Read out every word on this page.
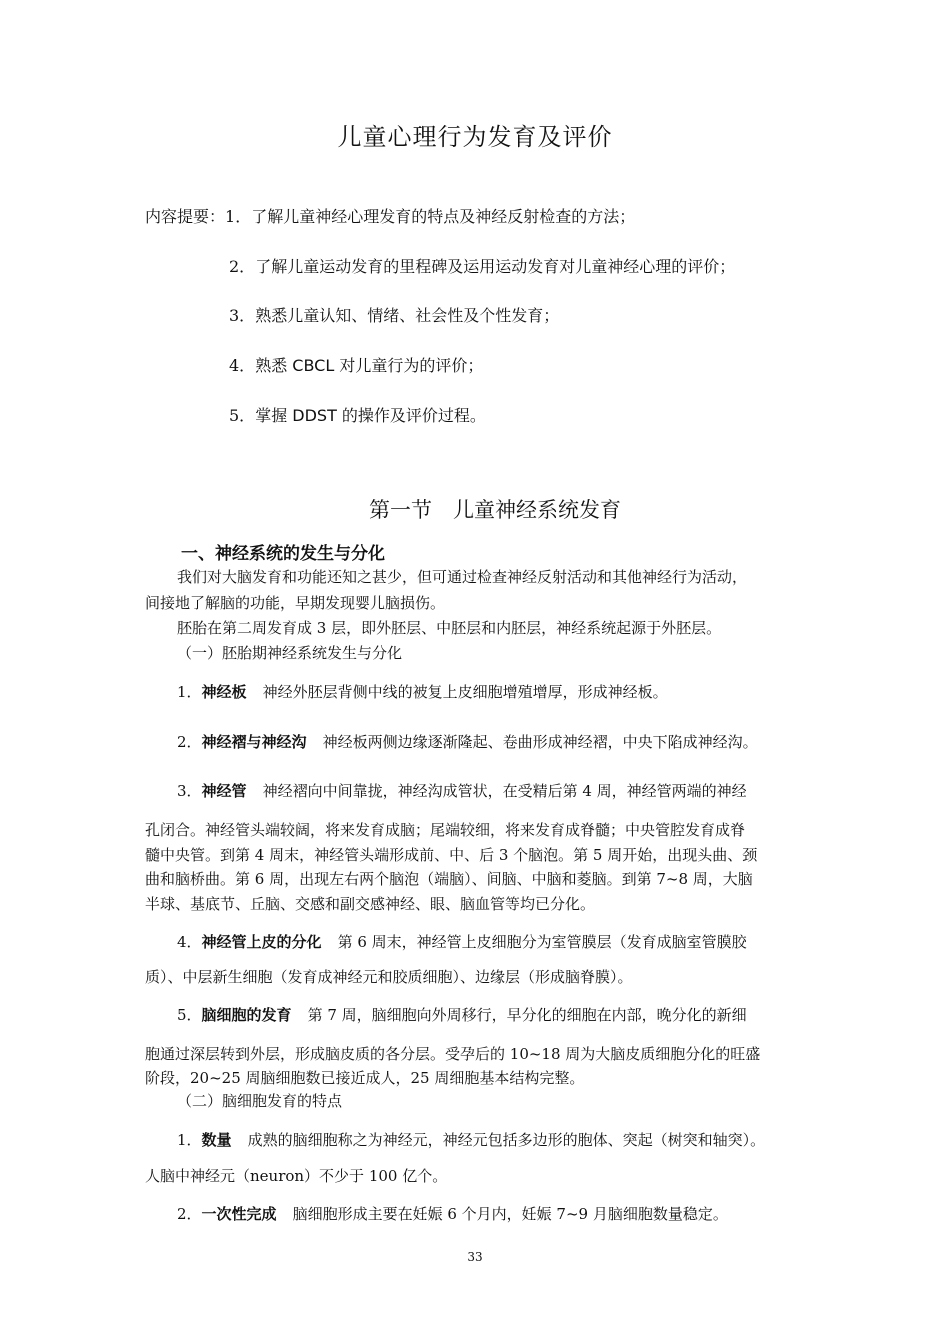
儿童心理行为发育及评价
内容提要：1．了解儿童神经心理发育的特点及神经反射检查的方法；
2．了解儿童运动发育的里程碑及运用运动发育对儿童神经心理的评价；
3．熟悉儿童认知、情绪、社会性及个性发育；
4．熟悉 CBCL 对儿童行为的评价；
5．掌握 DDST 的操作及评价过程。
第一节　儿童神经系统发育
一、神经系统的发生与分化
我们对大脑发育和功能还知之甚少，但可通过检查神经反射活动和其他神经行为活动，
间接地了解脑的功能，早期发现婴儿脑损伤。
胚胎在第二周发育成 3 层，即外胚层、中胚层和内胚层，神经系统起源于外胚层。
（一）胚胎期神经系统发生与分化
1．神经板 神经外胚层背侧中线的被复上皮细胞增殖增厚，形成神经板。
2．神经褶与神经沟 神经板两侧边缘逐渐隆起、卷曲形成神经褶，中央下陷成神经沟。
3．神经管 神经褶向中间靠拢，神经沟成管状，在受精后第 4 周，神经管两端的神经
孔闭合。神经管头端较阔，将来发育成脑；尾端较细，将来发育成脊髓；中央管腔发育成脊
髓中央管。到第 4 周末，神经管头端形成前、中、后 3 个脑泡。第 5 周开始，出现头曲、颈
曲和脑桥曲。第 6 周，出现左右两个脑泡（端脑）、间脑、中脑和菱脑。到第 7~8 周，大脑
半球、基底节、丘脑、交感和副交感神经、眼、脑血管等均已分化。
4．神经管上皮的分化 第 6 周末，神经管上皮细胞分为室管膜层（发育成脑室管膜胶
质）、中层新生细胞（发育成神经元和胶质细胞）、边缘层（形成脑脊膜）。
5．脑细胞的发育 第 7 周，脑细胞向外周移行，早分化的细胞在内部，晚分化的新细
胞通过深层转到外层，形成脑皮质的各分层。受孕后的 10~18 周为大脑皮质细胞分化的旺盛
阶段，20~25 周脑细胞数已接近成人，25 周细胞基本结构完整。
（二）脑细胞发育的特点
1．数量 成熟的脑细胞称之为神经元，神经元包括多边形的胞体、突起（树突和轴突）。
人脑中神经元（neuron）不少于 100 亿个。
2．一次性完成 脑细胞形成主要在妊娠 6 个月内，妊娠 7~9 月脑细胞数量稳定。
33
